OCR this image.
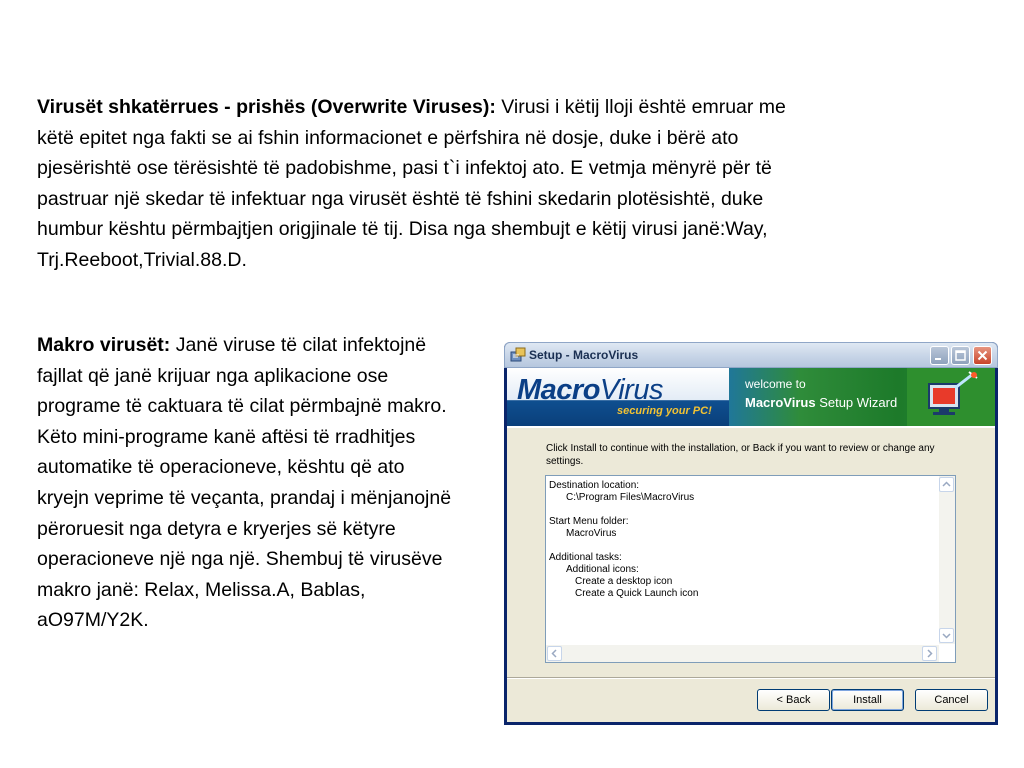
Virusët shkatërrues - prishës (Overwrite Viruses): Virusi i këtij lloji është emruar me këtë epitet nga fakti se ai fshin informacionet e përfshira në dosje, duke i bërë ato pjesërishtë ose tërësishtë të padobishme, pasi t`i infektoj ato. E vetmja mënyrë për të pastruar një skedar të infektuar nga virusët është të fshini skedarin plotësishtë, duke humbur kështu përmbajtjen origjinale të tij. Disa nga shembujt e këtij virusi janë:Way, Trj.Reeboot,Trivial.88.D.
Makro virusët: Janë viruse të cilat infektojnë fajllat që janë krijuar nga aplikacione ose programe të caktuara të cilat përmbajnë makro. Këto mini-programe kanë aftësi të rradhitjes automatike të operacioneve, kështu që ato kryejn veprime të veçanta, prandaj i mënjanojnë përoruesit nga detyra e kryerjes së këtyre operacioneve një nga një. Shembuj të virusëve makro janë: Relax, Melissa.A, Bablas, aO97M/Y2K.
Setup - MacroVirus
MacroVirus
securing your PC!
welcome to
MacroVirus Setup Wizard
Click Install to continue with the installation, or Back if you want to review or change any settings.
Destination location:
C:\Program Files\MacroVirus
Start Menu folder:
MacroVirus
Additional tasks:
Additional icons:
Create a desktop icon
Create a Quick Launch icon
< Back	Install	Cancel
